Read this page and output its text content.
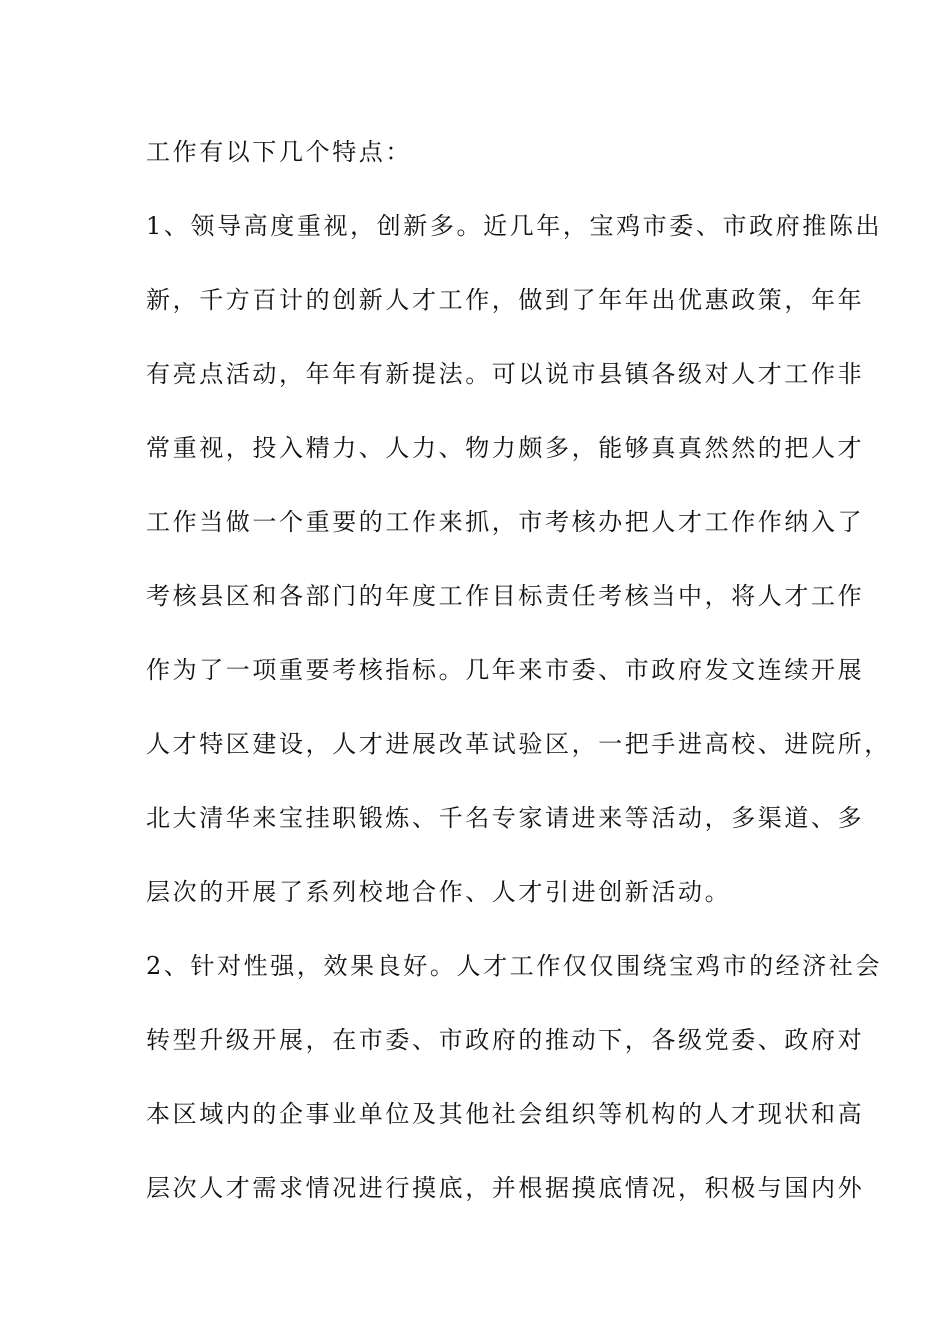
工作有以下几个特点：
1、领导高度重视，创新多。近几年，宝鸡市委、市政府推陈出
新，千方百计的创新人才工作，做到了年年出优惠政策，年年
有亮点活动，年年有新提法。可以说市县镇各级对人才工作非
常重视，投入精力、人力、物力颇多，能够真真然然的把人才
工作当做一个重要的工作来抓，市考核办把人才工作作纳入了
考核县区和各部门的年度工作目标责任考核当中，将人才工作
作为了一项重要考核指标。几年来市委、市政府发文连续开展
人才特区建设，人才进展改革试验区，一把手进高校、进院所，
北大清华来宝挂职锻炼、千名专家请进来等活动，多渠道、多
层次的开展了系列校地合作、人才引进创新活动。
2、针对性强，效果良好。人才工作仅仅围绕宝鸡市的经济社会
转型升级开展，在市委、市政府的推动下，各级党委、政府对
本区域内的企事业单位及其他社会组织等机构的人才现状和高
层次人才需求情况进行摸底，并根据摸底情况，积极与国内外
